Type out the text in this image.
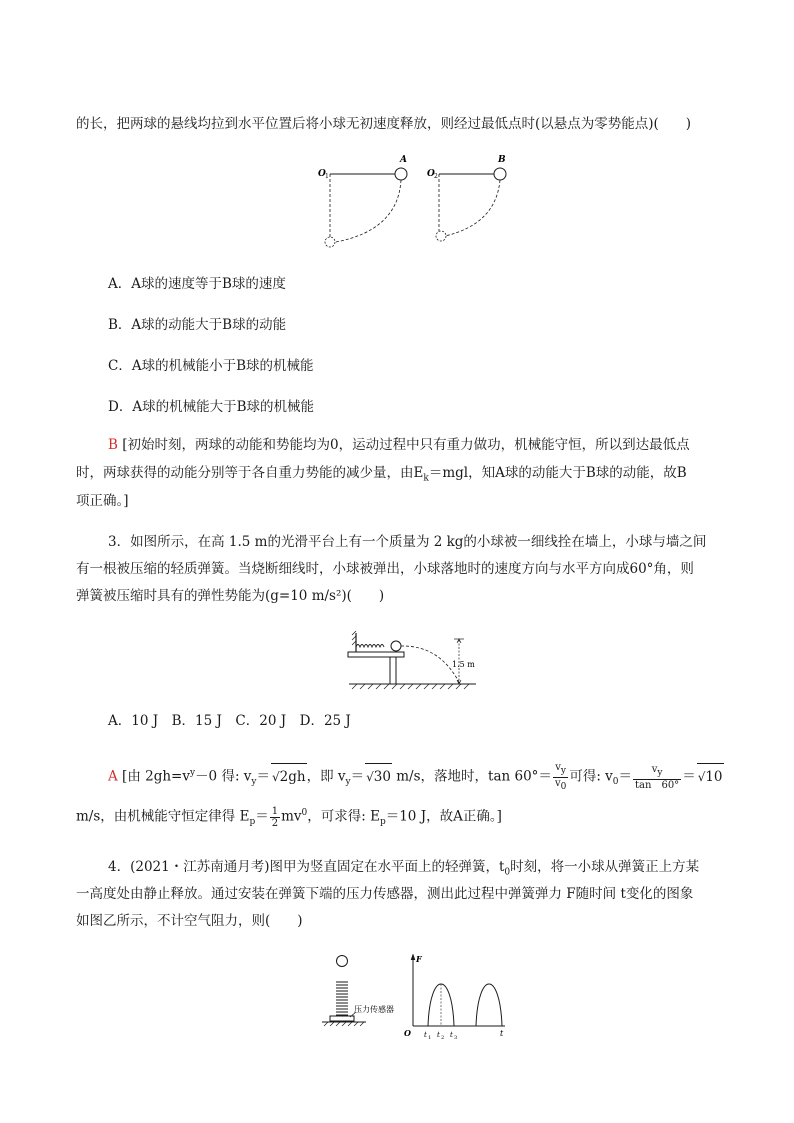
的长，把两球的悬线均拉到水平位置后将小球无初速度释放，则经过最低点时(以悬点为零势能点)(　　)
O 1
A
O 2
B
A．A球的速度等于B球的速度
B．A球的动能大于B球的动能
C．A球的机械能小于B球的机械能
D．A球的机械能大于B球的机械能
B [初始时刻，两球的动能和势能均为0，运动过程中只有重力做功，机械能守恒，所以到达最低点
时，两球获得的动能分别等于各自重力势能的减少量，由$E_k=mgl$，知A球的动能大于B球的动能，故B
项正确。]
3．如图所示，在高 1.5 m的光滑平台上有一个质量为 2 kg的小球被一细线拴在墙上，小球与墙之间
有一根被压缩的轻质弹簧。当烧断细线时，小球被弹出，小球落地时的速度方向与水平方向成60°角，则
弹簧被压缩时具有的弹性势能为(g=10 m/s²)(　　)
1.5 m
A．10 J　B．15 J　C．20 J　D．25 J
A [由 $2gh=v^y-0$ 得: $v_y= √2gh$，即 $v_y= √30$ m/s，落地时，$\tan 60^\circ= \frac{v_y}{v_0}$ 可得: $v_0= \frac{v_y}{\tan 60^\circ} = √10$
m/s，由机械能守恒定律得 $E_p= \frac{1}{2} mv^0$，可求得: $E_p=10$ J，故A正确。]
4．(2021・江苏南通月考)图甲为竖直固定在水平面上的轻弹簧，$t_0$时刻，将一小球从弹簧正上方某
一高度处由静止释放。通过安装在弹簧下端的压力传感器，测出此过程中弹簧弹力 F随时间 t变化的图象
如图乙所示，不计空气阻力，则(　　)
压力传感器
F
O	t
t 1 t 2 t 3
